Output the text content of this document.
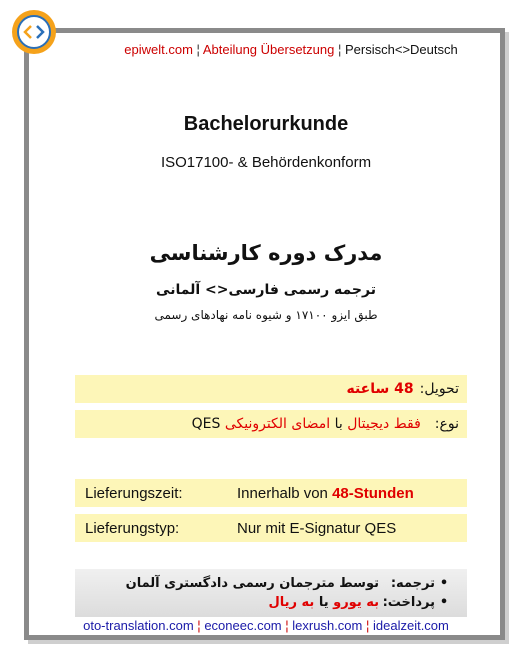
epiwelt.com ¦ Abteilung Übersetzung ¦ Persisch<>Deutsch
Bachelorurkunde
ISO17100- & Behördenkonform
مدرک دوره کارشناسی
ترجمه رسمی فارسی<> آلمانی
طبق ایزو ۱۷۱۰۰ و شیوه نامه نهادهای رسمی
تحویل:
48 ساعته
نوع:
فقط دیجیتال

با

امضای الکترونیکی

QES
Lieferungszeit:	Innerhalb von
48-Stunden
Lieferungstyp:	Nur mit E-Signatur QES
•
ترجمه:
توسط مترجمان رسمی دادگستری آلمان
•
پرداخت:
به یورو

یا

به ریال
oto-translation.com ¦ econeec.com ¦ lexrush.com ¦ idealzeit.com
